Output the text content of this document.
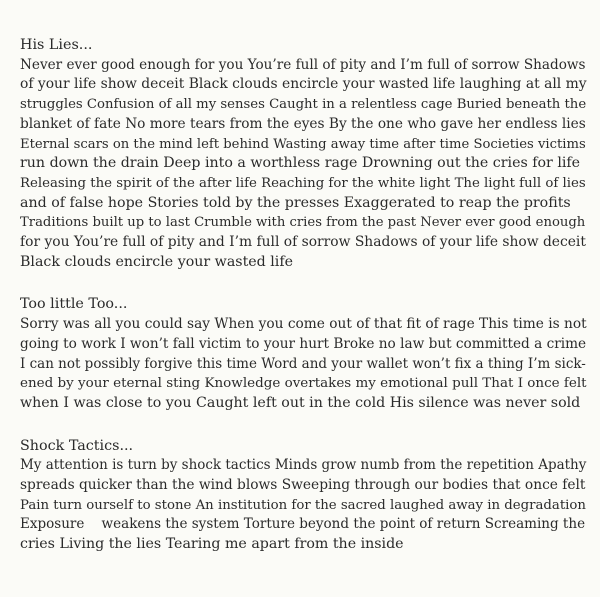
His Lies...
Never ever good enough for you You’re full of pity and I’m full of sorrow Shadows
of your life show deceit Black clouds encircle your wasted life laughing at all my
struggles Confusion of all my senses Caught in a relentless cage Buried beneath the
blanket of fate No more tears from the eyes By the one who gave her endless lies
Eternal scars on the mind left behind Wasting away time after time Societies victims
run down the drain Deep into a worthless rage Drowning out the cries for life
Releasing the spirit of the after life Reaching for the white light The light full of lies
and of false hope Stories told by the presses Exaggerated to reap the profits
Traditions built up to last Crumble with cries from the past Never ever good enough
for you You’re full of pity and I’m full of sorrow Shadows of your life show deceit
Black clouds encircle your wasted life
Too little Too...
Sorry was all you could say When you come out of that fit of rage This time is not
going to work I won’t fall victim to your hurt Broke no law but committed a crime
I can not possibly forgive this time Word and your wallet won’t fix a thing I’m sick-
ened by your eternal sting Knowledge overtakes my emotional pull That I once felt
when I was close to you Caught left out in the cold His silence was never sold
Shock Tactics...
My attention is turn by shock tactics Minds grow numb from the repetition Apathy
spreads quicker than the wind blows Sweeping through our bodies that once felt
Pain turn ourself to stone An institution for the sacred laughed away in degradation
Exposure    weakens the system Torture beyond the point of return Screaming the
cries Living the lies Tearing me apart from the inside
